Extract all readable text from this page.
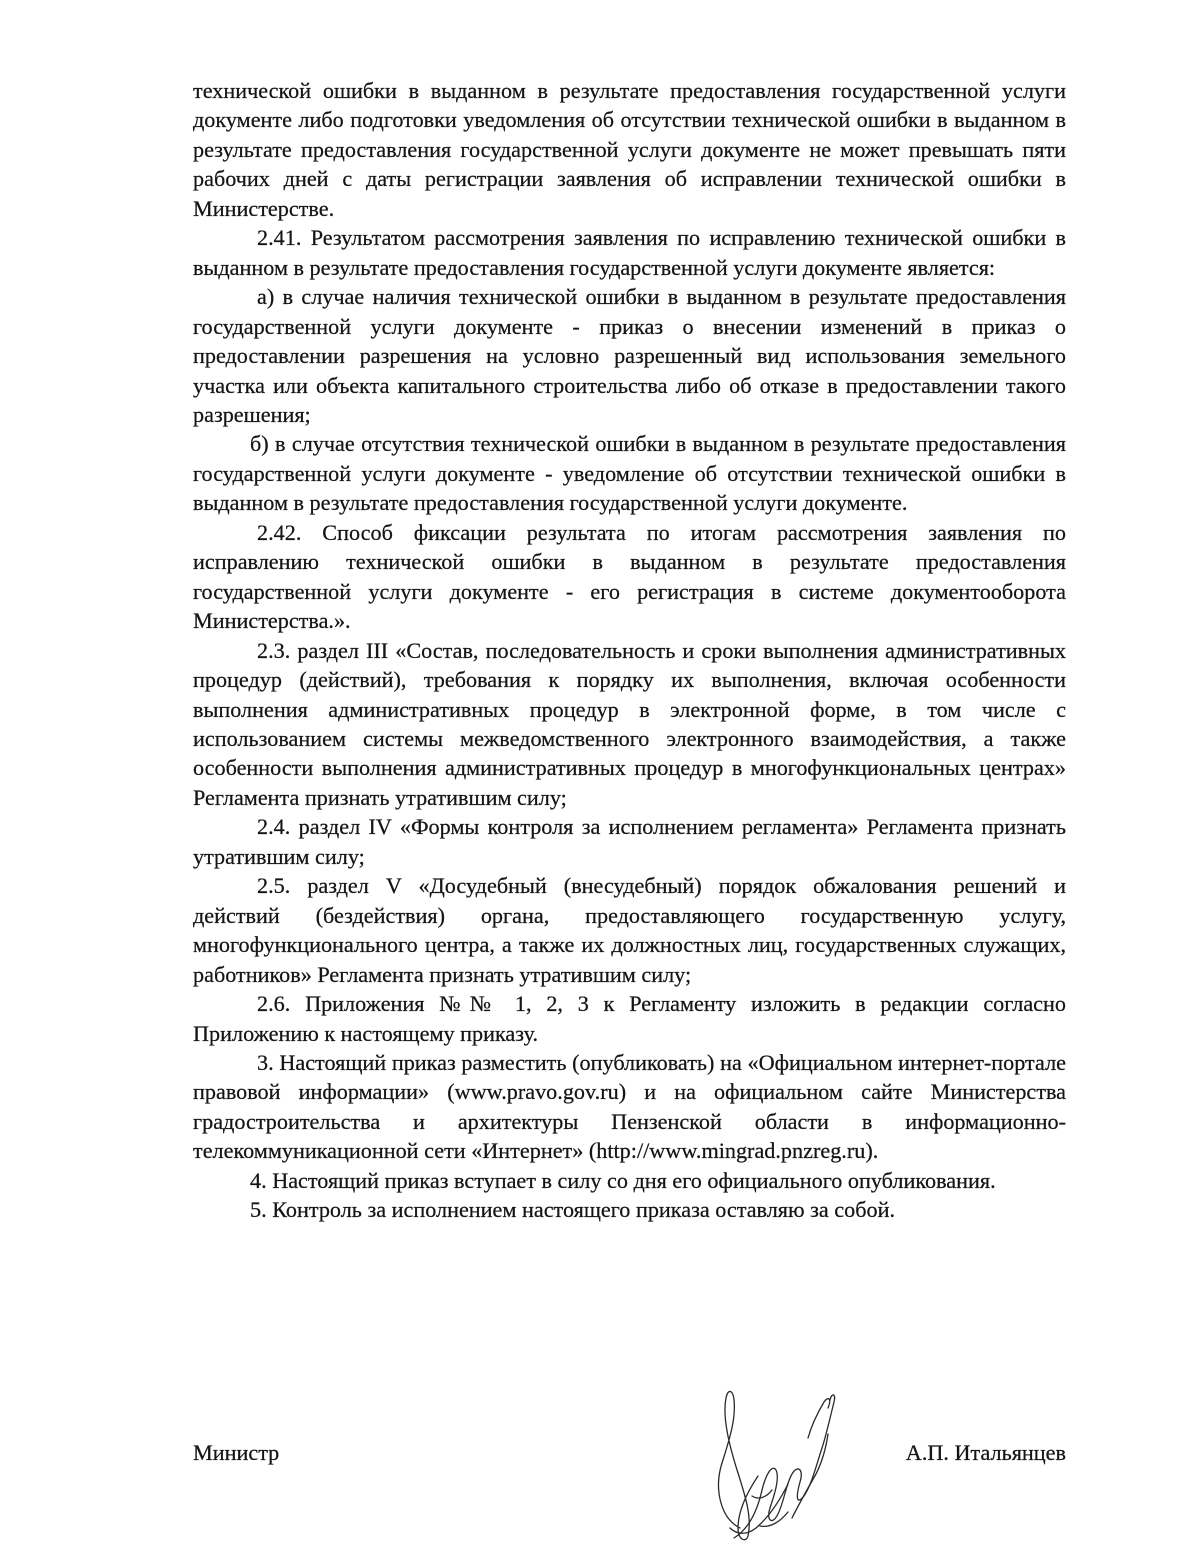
технической ошибки в выданном в результате предоставления государственной услуги документе либо подготовки уведомления об отсутствии технической ошибки в выданном в результате предоставления государственной услуги документе не может превышать пяти рабочих дней с даты регистрации заявления об исправлении технической ошибки в Министерстве.

2.41. Результатом рассмотрения заявления по исправлению технической ошибки в выданном в результате предоставления государственной услуги документе является:

а) в случае наличия технической ошибки в выданном в результате предоставления государственной услуги документе - приказ о внесении изменений в приказ о предоставлении разрешения на условно разрешенный вид использования земельного участка или объекта капитального строительства либо об отказе в предоставлении такого разрешения;

б) в случае отсутствия технической ошибки в выданном в результате предоставления государственной услуги документе - уведомление об отсутствии технической ошибки в выданном в результате предоставления государственной услуги документе.

2.42. Способ фиксации результата по итогам рассмотрения заявления по исправлению технической ошибки в выданном в результате предоставления государственной услуги документе - его регистрация в системе документооборота Министерства.».

2.3. раздел III «Состав, последовательность и сроки выполнения административных процедур (действий), требования к порядку их выполнения, включая особенности выполнения административных процедур в электронной форме, в том числе с использованием системы межведомственного электронного взаимодействия, а также особенности выполнения административных процедур в многофункциональных центрах» Регламента признать утратившим силу;

2.4. раздел IV «Формы контроля за исполнением регламента» Регламента признать утратившим силу;

2.5. раздел V «Досудебный (внесудебный) порядок обжалования решений и действий (бездействия) органа, предоставляющего государственную услугу, многофункционального центра, а также их должностных лиц, государственных служащих, работников» Регламента признать утратившим силу;

2.6. Приложения №№ 1, 2, 3 к Регламенту изложить в редакции согласно Приложению к настоящему приказу.

3. Настоящий приказ разместить (опубликовать) на «Официальном интернет-портале правовой информации» (www.pravo.gov.ru) и на официальном сайте Министерства градостроительства и архитектуры Пензенской области в информационно-телекоммуникационной сети «Интернет» (http://www.mingrad.pnzreg.ru).

4. Настоящий приказ вступает в силу со дня его официального опубликования.

5. Контроль за исполнением настоящего приказа оставляю за собой.

Министр	А.П. Итальянцев
